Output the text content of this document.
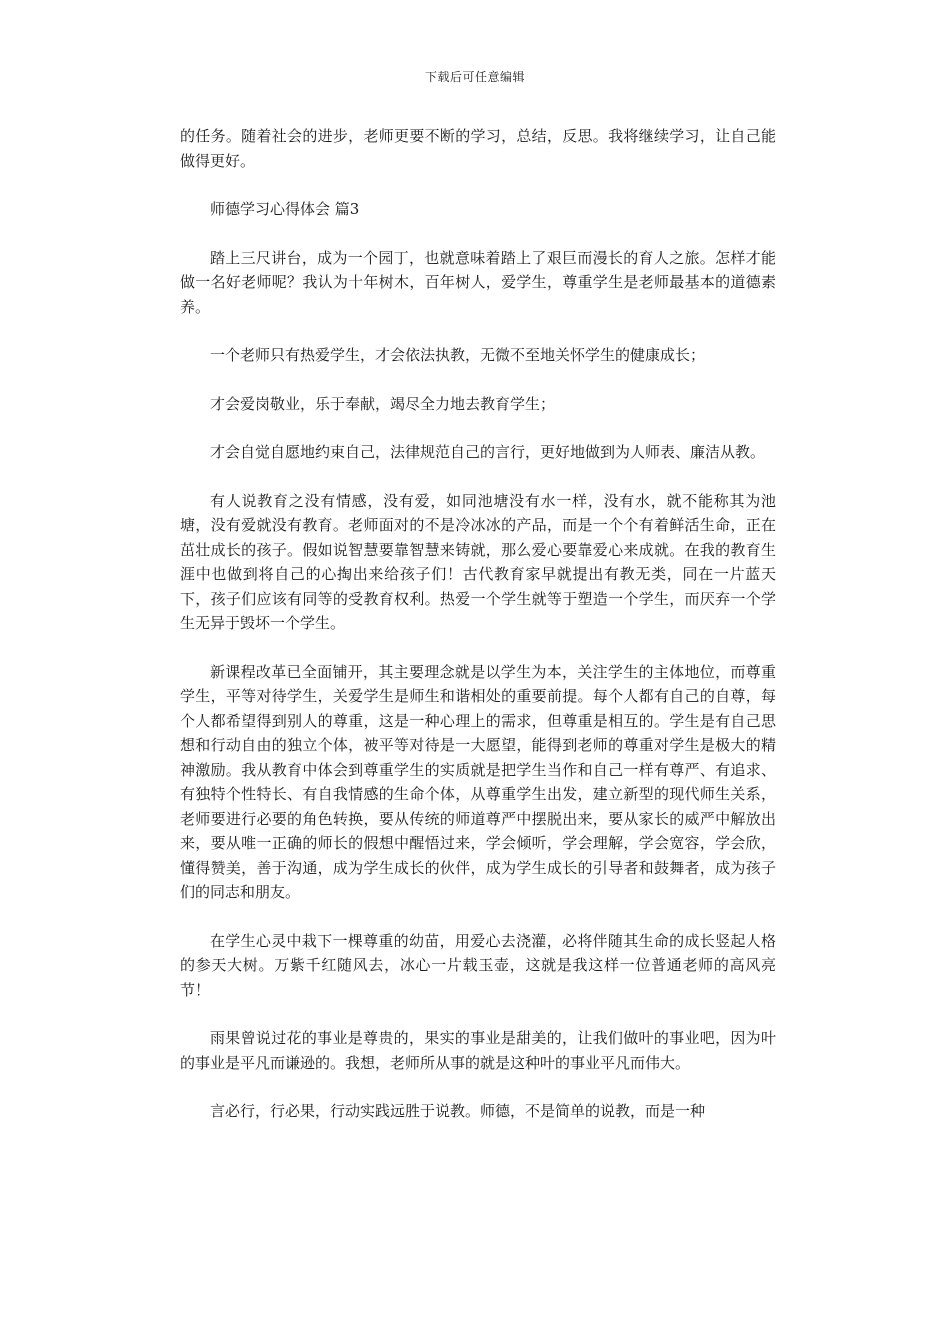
下载后可任意编辑

的任务。随着社会的进步，老师更要不断的学习，总结，反思。我将继续学习，让自己能做得更好。

师德学习心得体会 篇3

踏上三尺讲台，成为一个园丁，也就意味着踏上了艰巨而漫长的育人之旅。怎样才能做一名好老师呢？我认为十年树木，百年树人，爱学生，尊重学生是老师最基本的道德素养。

一个老师只有热爱学生，才会依法执教，无微不至地关怀学生的健康成长；

才会爱岗敬业，乐于奉献，竭尽全力地去教育学生；

才会自觉自愿地约束自己，法律规范自己的言行，更好地做到为人师表、廉洁从教。

有人说教育之没有情感，没有爱，如同池塘没有水一样，没有水，就不能称其为池塘，没有爱就没有教育。老师面对的不是冷冰冰的产品，而是一个个有着鲜活生命，正在茁壮成长的孩子。假如说智慧要靠智慧来铸就，那么爱心要靠爱心来成就。在我的教育生涯中也做到将自己的心掏出来给孩子们！古代教育家早就提出有教无类，同在一片蓝天下，孩子们应该有同等的受教育权利。热爱一个学生就等于塑造一个学生，而厌弃一个学生无异于毁坏一个学生。

新课程改革已全面铺开，其主要理念就是以学生为本，关注学生的主体地位，而尊重学生，平等对待学生，关爱学生是师生和谐相处的重要前提。每个人都有自己的自尊，每个人都希望得到别人的尊重，这是一种心理上的需求，但尊重是相互的。学生是有自己思想和行动自由的独立个体，被平等对待是一大愿望，能得到老师的尊重对学生是极大的精神激励。我从教育中体会到尊重学生的实质就是把学生当作和自己一样有尊严、有追求、有独特个性特长、有自我情感的生命个体，从尊重学生出发，建立新型的现代师生关系，老师要进行必要的角色转换，要从传统的师道尊严中摆脱出来，要从家长的威严中解放出来，要从唯一正确的师长的假想中醒悟过来，学会倾听，学会理解，学会宽容，学会欣，懂得赞美，善于沟通，成为学生成长的伙伴，成为学生成长的引导者和鼓舞者，成为孩子们的同志和朋友。

在学生心灵中栽下一棵尊重的幼苗，用爱心去浇灌，必将伴随其生命的成长竖起人格的参天大树。万紫千红随风去，冰心一片载玉壶，这就是我这样一位普通老师的高风亮节！

雨果曾说过花的事业是尊贵的，果实的事业是甜美的，让我们做叶的事业吧，因为叶的事业是平凡而谦逊的。我想，老师所从事的就是这种叶的事业平凡而伟大。

言必行，行必果，行动实践远胜于说教。师德，不是简单的说教，而是一种
